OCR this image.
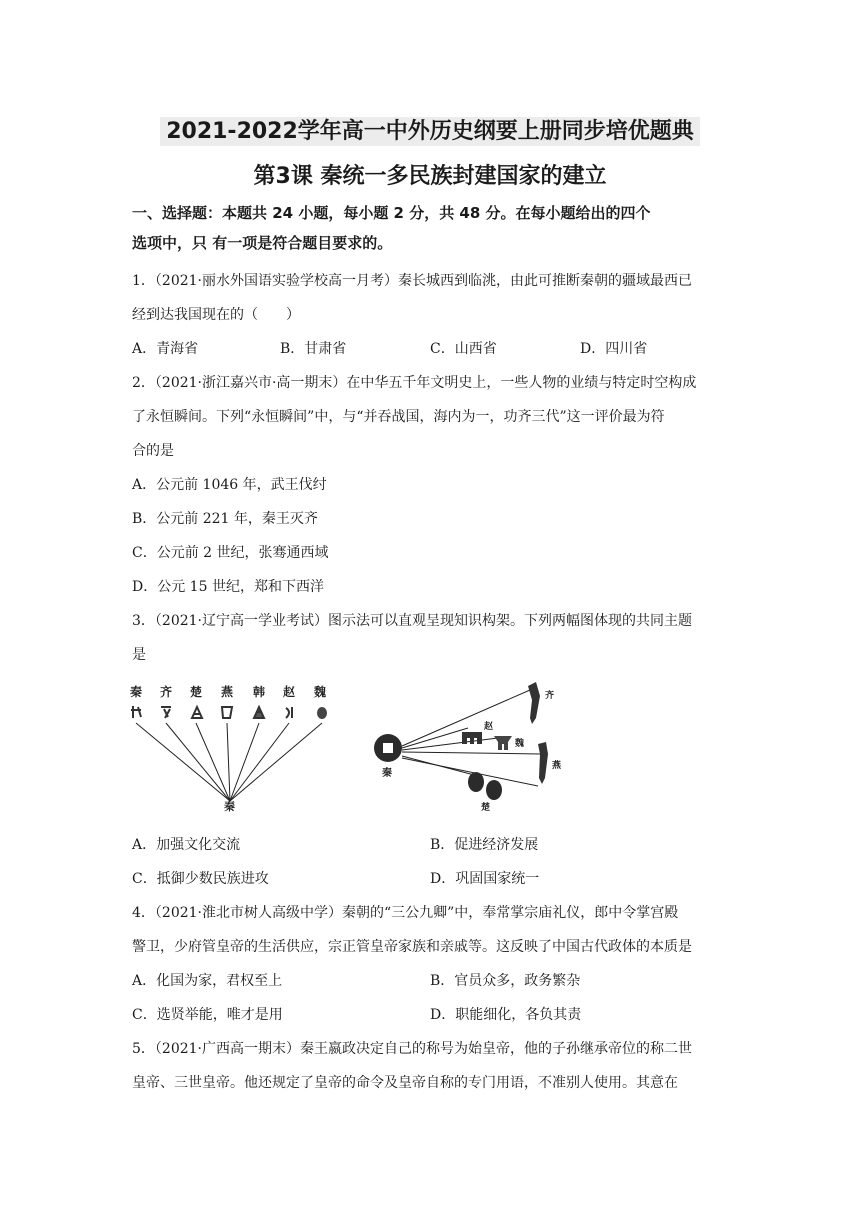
2021-2022学年高一中外历史纲要上册同步培优题典
第3课 秦统一多民族封建国家的建立
一、选择题：本题共 24 小题，每小题 2 分，共 48 分。在每小题给出的四个
选项中，只 有一项是符合题目要求的。
1．（2021·丽水外国语实验学校高一月考）秦长城西到临洮，由此可推断秦朝的疆域最西已
经到达我国现在的（　　）
A．青海省	B．甘肃省	C．山西省	D．四川省
2．（2021·浙江嘉兴市·高一期末）在中华五千年文明史上，一些人物的业绩与特定时空构成
了永恒瞬间。下列“永恒瞬间”中，与“并吞战国，海内为一，功齐三代”这一评价最为符
合的是
A．公元前 1046 年，武王伐纣
B．公元前 221 年，秦王灭齐
C．公元前 2 世纪，张骞通西域
D．公元 15 世纪，郑和下西洋
3．（2021·辽宁高一学业考试）图示法可以直观呈现知识构架。下列两幅图体现的共同主题
是
秦 齐 楚 燕 韩 赵 魏
秦
秦
齐
赵
魏
燕
楚
A．加强文化交流	B．促进经济发展
C．抵御少数民族进攻	D．巩固国家统一
4．（2021·淮北市树人高级中学）秦朝的“三公九卿”中，奉常掌宗庙礼仪，郎中令掌宫殿
警卫，少府管皇帝的生活供应，宗正管皇帝家族和亲戚等。这反映了中国古代政体的本质是
A．化国为家，君权至上	B．官员众多，政务繁杂
C．选贤举能，唯才是用	D．职能细化，各负其责
5．（2021·广西高一期末）秦王嬴政决定自己的称号为始皇帝，他的子孙继承帝位的称二世
皇帝、三世皇帝。他还规定了皇帝的命令及皇帝自称的专门用语，不准别人使用。其意在
